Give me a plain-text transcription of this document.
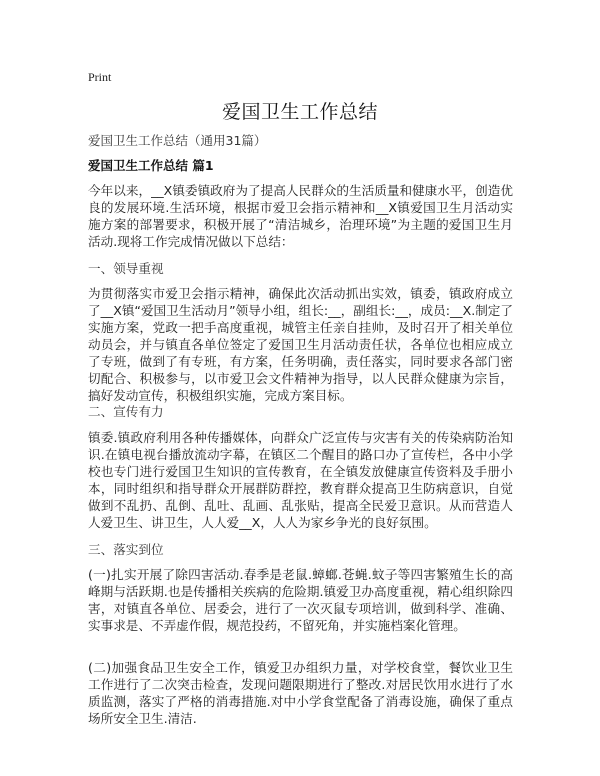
Print
爱国卫生工作总结
爱国卫生工作总结（通用31篇）
爱国卫生工作总结 篇1
今年以来，__X镇委镇政府为了提高人民群众的生活质量和健康水平，创造优良的发展环境.生活环境，根据市爱卫会指示精神和__X镇爱国卫生月活动实施方案的部署要求，积极开展了“清洁城乡，治理环境”为主题的爱国卫生月活动.现将工作完成情况做以下总结：
一、领导重视
为贯彻落实市爱卫会指示精神，确保此次活动抓出实效，镇委，镇政府成立了__X镇“爱国卫生活动月”领导小组，组长:__，副组长:__，成员:__X.制定了实施方案，党政一把手高度重视，城管主任亲自挂帅，及时召开了相关单位动员会，并与镇直各单位签定了爱国卫生月活动责任状，各单位也相应成立了专班，做到了有专班，有方案，任务明确，责任落实，同时要求各部门密切配合、积极参与，以市爱卫会文件精神为指导，以人民群众健康为宗旨，搞好发动宣传，积极组织实施，完成方案目标。
二、宣传有力
镇委.镇政府利用各种传播媒体，向群众广泛宣传与灾害有关的传染病防治知识.在镇电视台播放流动字幕，在镇区二个醒目的路口办了宣传栏，各中小学校也专门进行爱国卫生知识的宣传教育，在全镇发放健康宣传资料及手册小本，同时组织和指导群众开展群防群控，教育群众提高卫生防病意识，自觉做到不乱扔、乱倒、乱吐、乱画、乱张贴，提高全民爱卫意识。从而营造人人爱卫生、讲卫生，人人爱__X，人人为家乡争光的良好氛围。
三、落实到位
(一)扎实开展了除四害活动.春季是老鼠.蟑螂.苍蝇.蚊子等四害繁殖生长的高峰期与活跃期.也是传播相关疾病的危险期.镇爱卫办高度重视，精心组织除四害，对镇直各单位、居委会，进行了一次灭鼠专项培训，做到科学、准确、实事求是、不弄虚作假，规范投药，不留死角，并实施档案化管理。
(二)加强食品卫生安全工作，镇爱卫办组织力量，对学校食堂，餐饮业卫生工作进行了二次突击检查，发现问题限期进行了整改.对居民饮用水进行了水质监测，落实了严格的消毒措施.对中小学食堂配备了消毒设施，确保了重点场所安全卫生.清洁.
